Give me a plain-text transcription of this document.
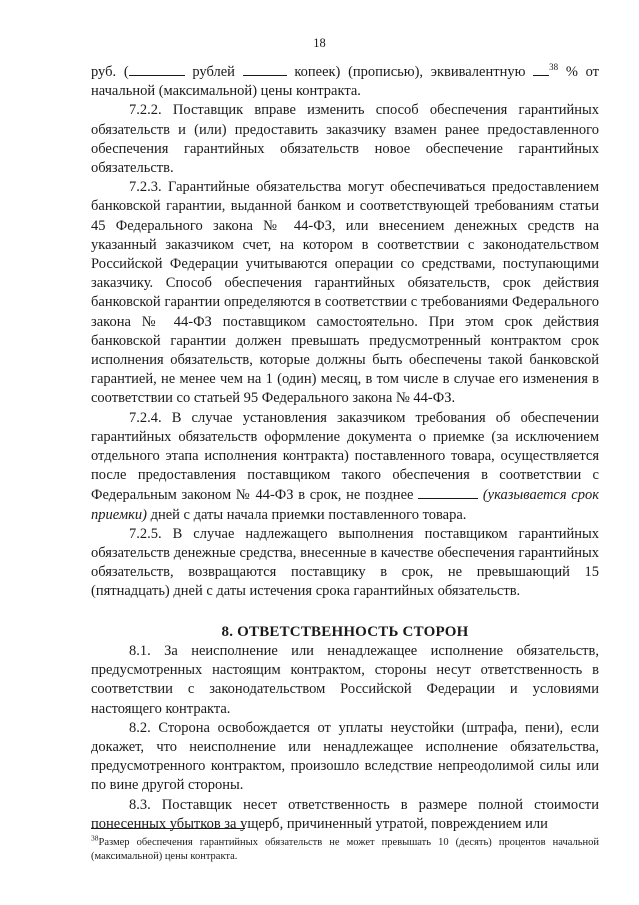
18

руб. (	рублей	копеек) (прописью), эквивалентную $^{38}$ % от начальной (максимальной) цены контракта.

7.2.2. Поставщик вправе изменить способ обеспечения гарантийных обязательств и (или) предоставить заказчику взамен ранее предоставленного обеспечения гарантийных обязательств новое обеспечение гарантийных обязательств.

7.2.3. Гарантийные обязательства могут обеспечиваться предоставлением банковской гарантии, выданной банком и соответствующей требованиям статьи 45 Федерального закона № 44-ФЗ, или внесением денежных средств на указанный заказчиком счет, на котором в соответствии с законодательством Российской Федерации учитываются операции со средствами, поступающими заказчику. Способ обеспечения гарантийных обязательств, срок действия банковской гарантии определяются в соответствии с требованиями Федерального закона № 44-ФЗ поставщиком самостоятельно. При этом срок действия банковской гарантии должен превышать предусмотренный контрактом срок исполнения обязательств, которые должны быть обеспечены такой банковской гарантией, не менее чем на 1 (один) месяц, в том числе в случае его изменения в соответствии со статьей 95 Федерального закона № 44-ФЗ.

7.2.4. В случае установления заказчиком требования об обеспечении гарантийных обязательств оформление документа о приемке (за исключением отдельного этапа исполнения контракта) поставленного товара, осуществляется после предоставления поставщиком такого обеспечения в соответствии с Федеральным законом № 44-ФЗ в срок, не позднее	(указывается срок приемки) дней с даты начала приемки поставленного товара.

7.2.5. В случае надлежащего выполнения поставщиком гарантийных обязательств денежные средства, внесенные в качестве обеспечения гарантийных обязательств, возвращаются поставщику в срок, не превышающий 15 (пятнадцать) дней с даты истечения срока гарантийных обязательств.

8. ОТВЕТСТВЕННОСТЬ СТОРОН

8.1. За неисполнение или ненадлежащее исполнение обязательств, предусмотренных настоящим контрактом, стороны несут ответственность в соответствии с законодательством Российской Федерации и условиями настоящего контракта.

8.2. Сторона освобождается от уплаты неустойки (штрафа, пени), если докажет, что неисполнение или ненадлежащее исполнение обязательства, предусмотренного контрактом, произошло вследствие непреодолимой силы или по вине другой стороны.

8.3. Поставщик несет ответственность в размере полной стоимости понесенных убытков за ущерб, причиненный утратой, повреждением или

$^{38}$Размер обеспечения гарантийных обязательств не может превышать 10 (десять) процентов начальной (максимальной) цены контракта.
